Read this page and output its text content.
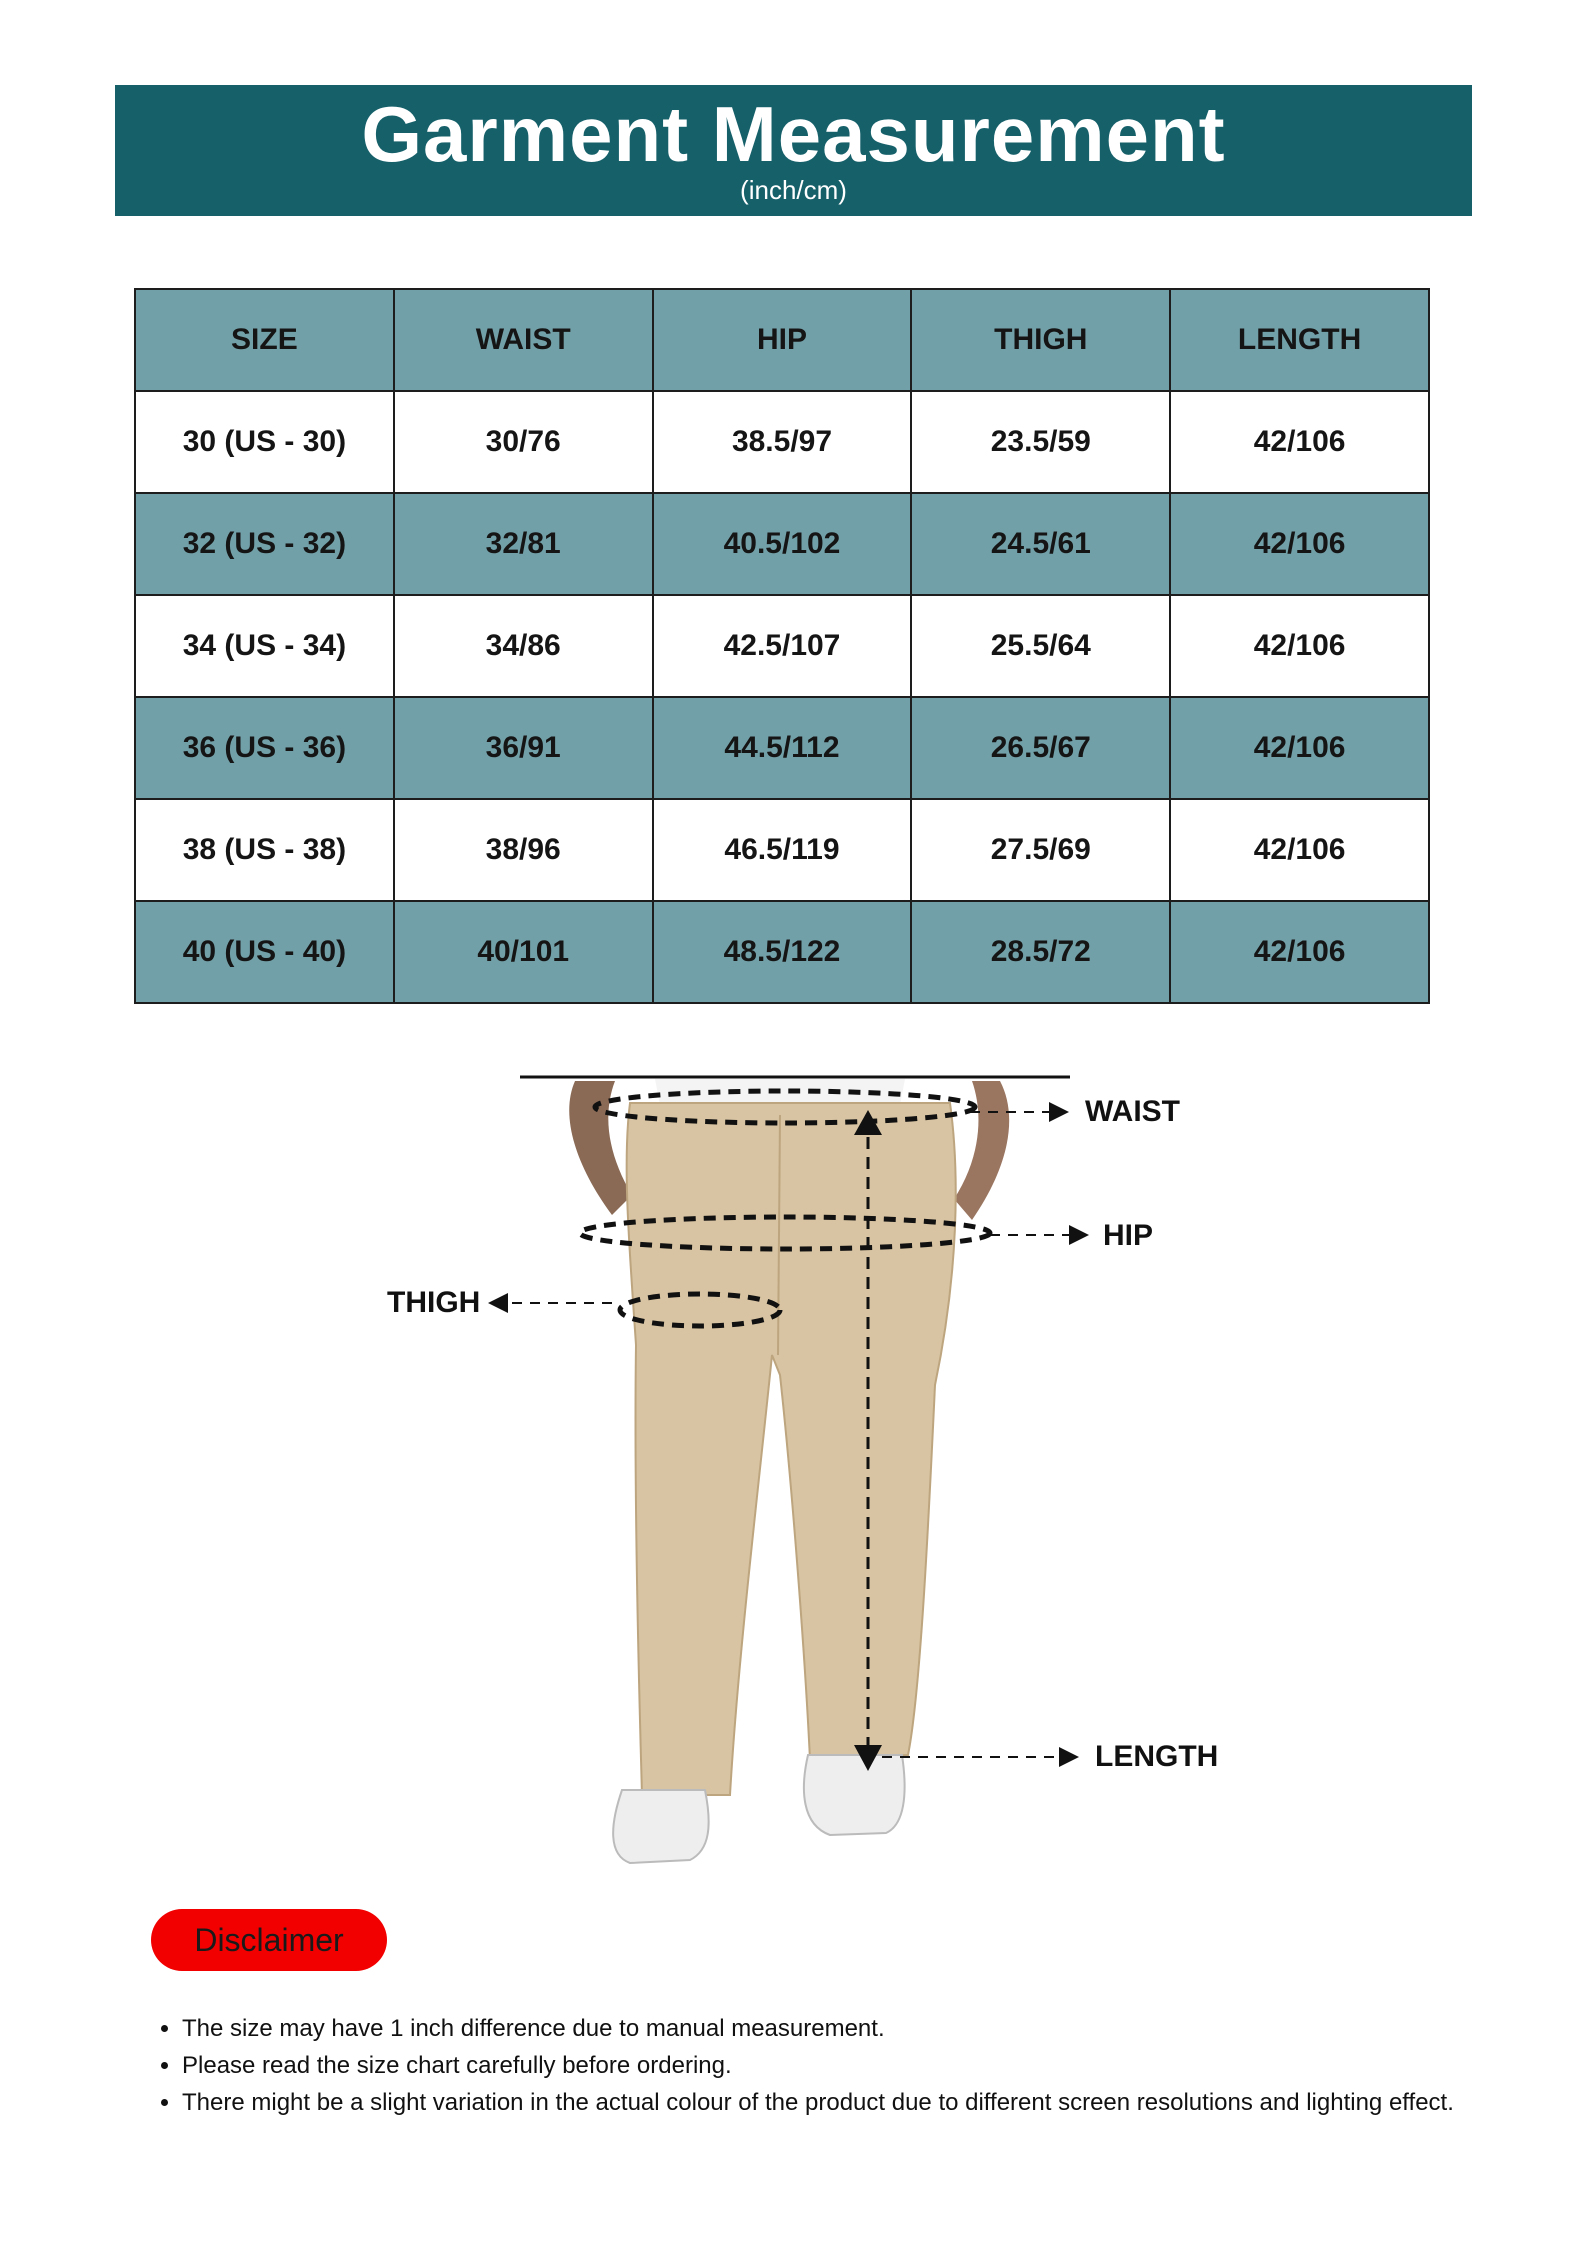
Garment Measurement
(inch/cm)
SIZE	WAIST	HIP	THIGH	LENGTH
30 (US - 30)	30/76	38.5/97	23.5/59	42/106
32 (US - 32)	32/81	40.5/102	24.5/61	42/106
34 (US - 34)	34/86	42.5/107	25.5/64	42/106
36 (US - 36)	36/91	44.5/112	26.5/67	42/106
38 (US - 38)	38/96	46.5/119	27.5/69	42/106
40 (US - 40)	40/101	48.5/122	28.5/72	42/106
WAIST
HIP
THIGH
LENGTH
Disclaimer
• The size may have 1 inch difference due to manual measurement.
• Please read the size chart carefully before ordering.
• There might be a slight variation in the actual colour of the product due to different screen resolutions and lighting effect.
